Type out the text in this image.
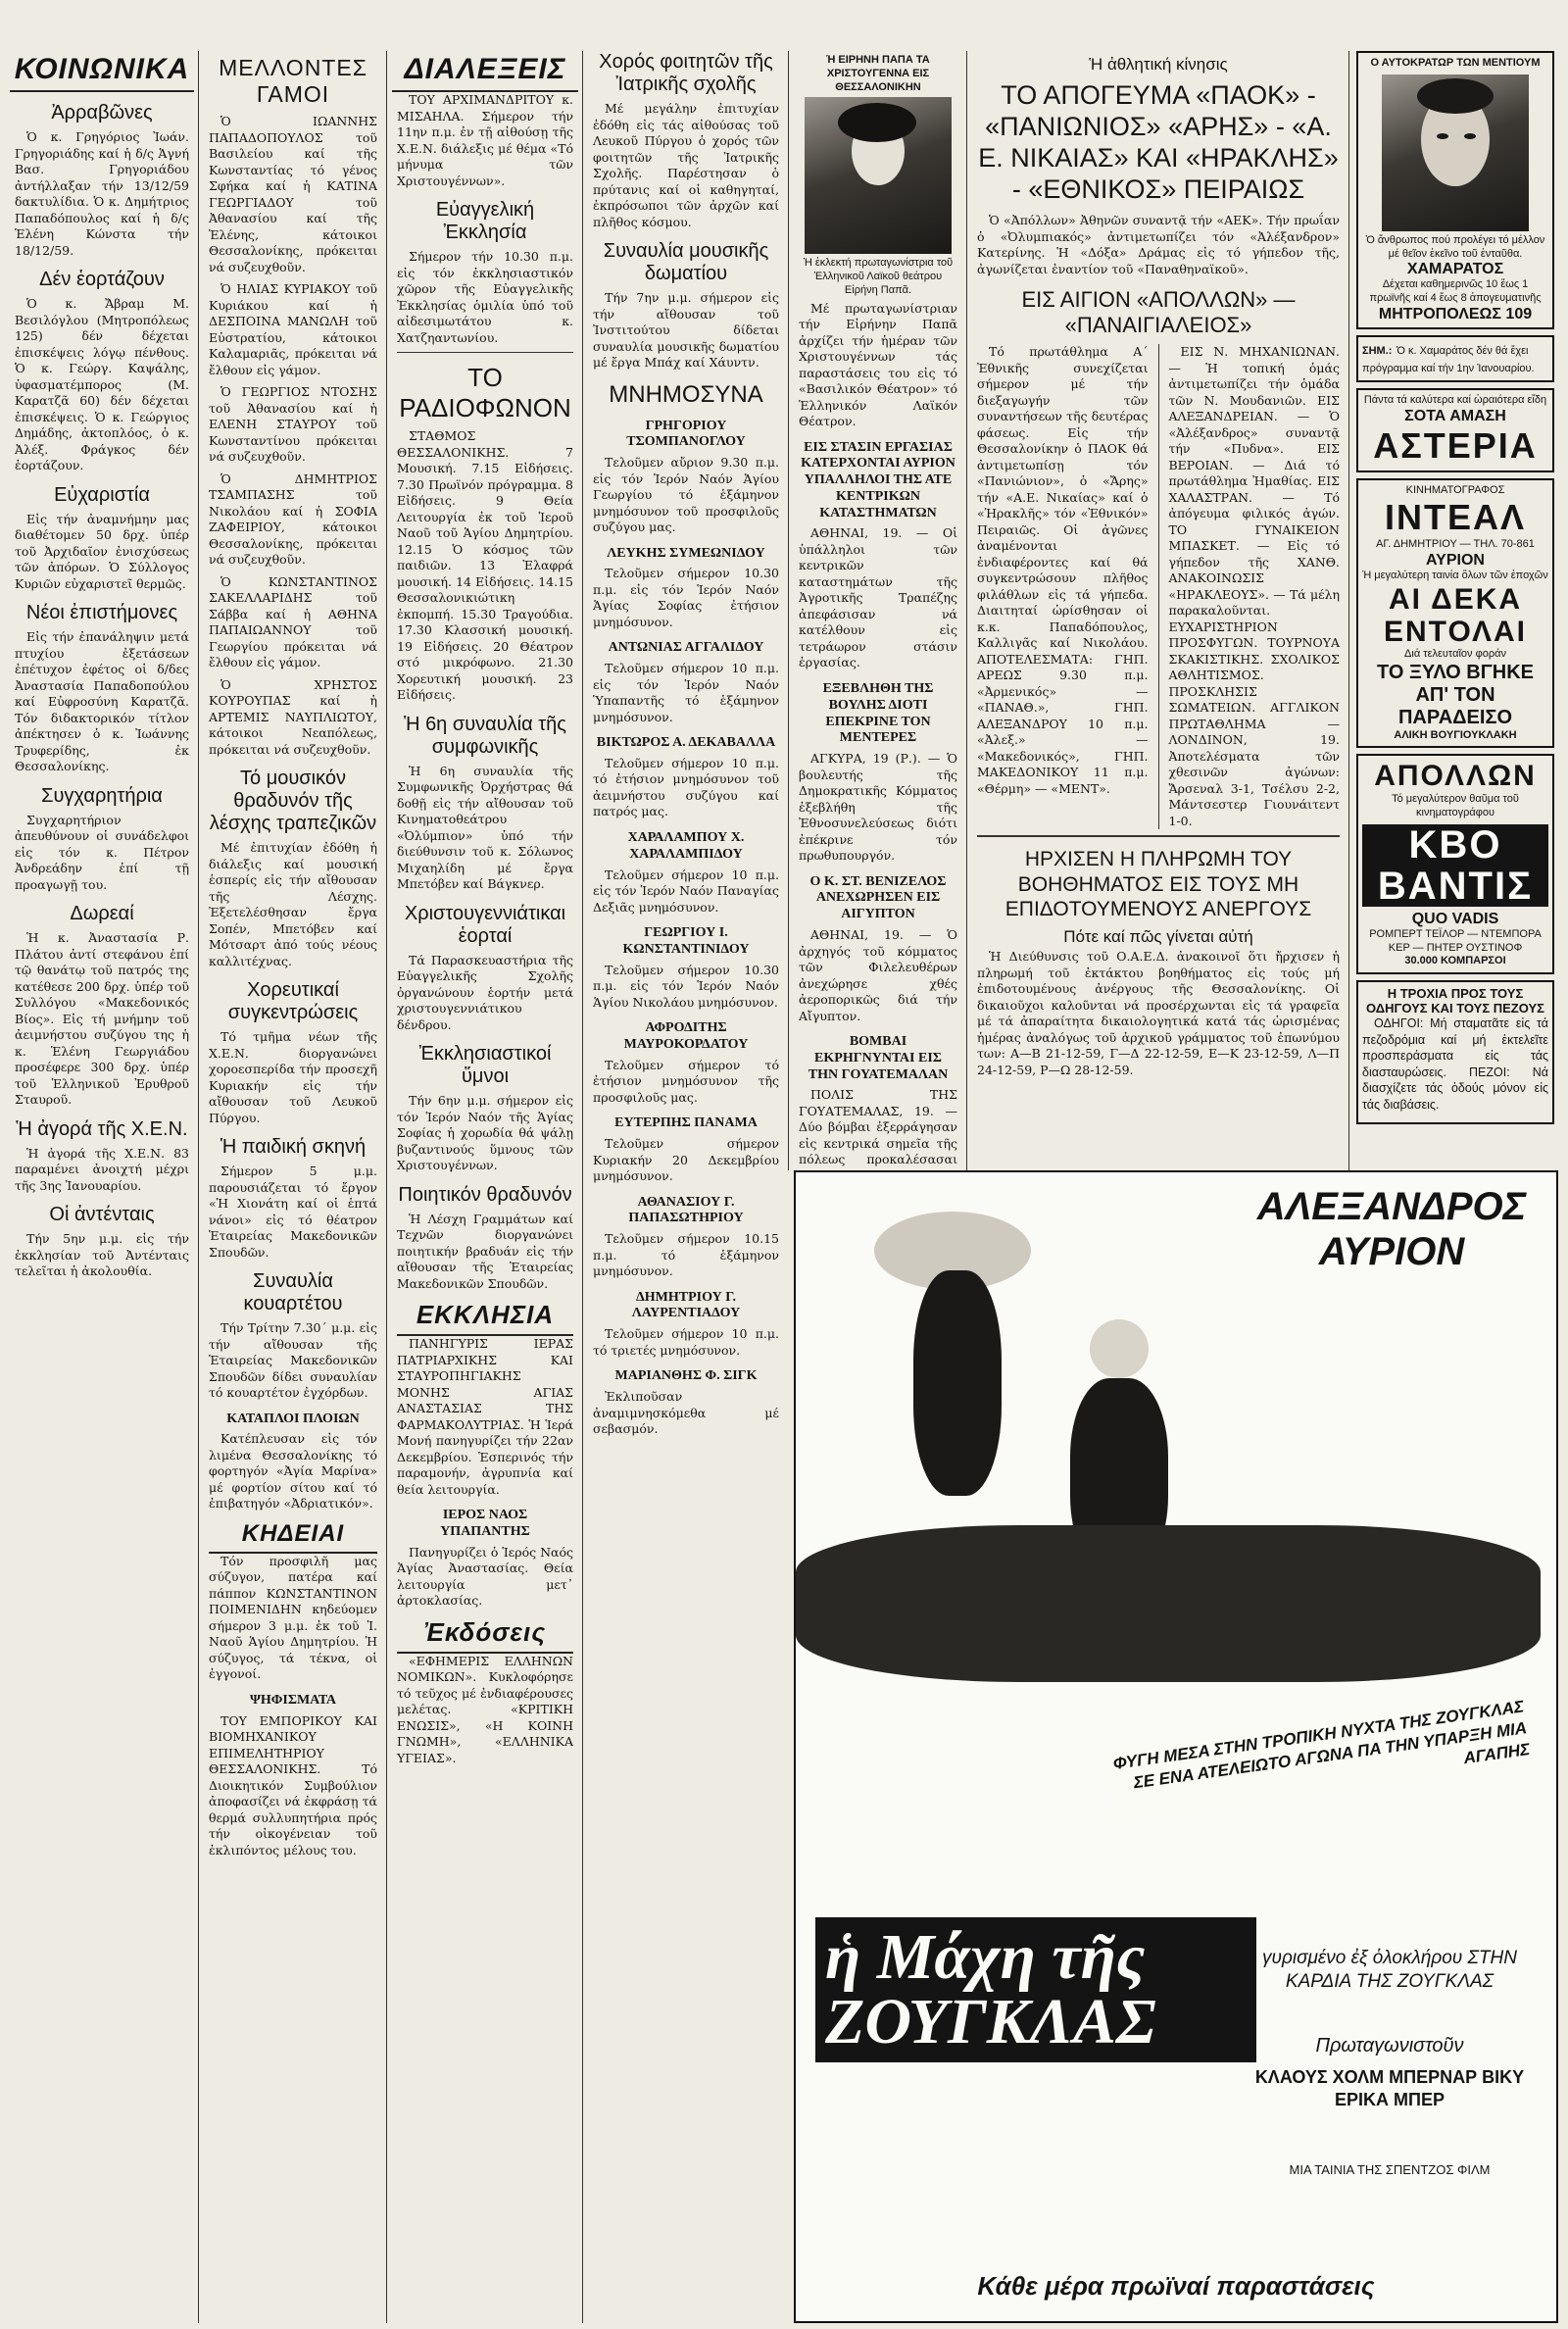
ΚΟΙΝΩΝΙΚΑ
Ἀρραβῶνες

Ὁ κ. Γρηγόριος Ἰωάν. Γρηγοριάδης καί ἡ δ/ς Ἁγνή Βασ. Γρηγοριάδου ἀντήλλαξαν τήν 13/12/59 δακτυλίδια. Ὁ κ. Δημήτριος Παπαδόπουλος καί ἡ δ/ς Ἑλένη Κώνστα τήν 18/12/59.

Δέν ἑορτάζουν

Ὁ κ. Ἄβραμ Μ. Βεσιλόγλου (Μητροπόλεως 125) δέν δέχεται ἐπισκέψεις λόγῳ πένθους. Ὁ κ. Γεώργ. Καψάλης, ὑφασματέμπορος (Μ. Καρατζᾶ 60) δέν δέχεται ἐπισκέψεις. Ὁ κ. Γεώργιος Δημάδης, ἀκτοπλόος, ὁ κ. Ἀλέξ. Φράγκος δέν ἑορτάζουν.

Εὐχαριστία

Εἰς τήν ἀναμνήμην μας διαθέτομεν 50 δρχ. ὑπέρ τοῦ Ἀρχιδαῖον ἐνισχύσεως τῶν ἀπόρων. Ὁ Σύλλογος Κυριῶν εὐχαριστεῖ θερμῶς.

Νέοι ἐπιστήμονες

Εἰς τήν ἐπανάληψιν μετά πτυχίου ἐξετάσεων ἐπέτυχον ἐφέτος οἱ δ/δες Ἀναστασία Παπαδοπούλου καί Εὐφροσύνη Καρατζᾶ. Τόν διδακτορικόν τίτλον ἀπέκτησεν ὁ κ. Ἰωάννης Τρυφερίδης, ἐκ Θεσσαλονίκης.

Συγχαρητήρια

Συγχαρητήριον ἀπευθύνουν οἱ συνάδελφοι εἰς τόν κ. Πέτρον Ἀνδρεάδην ἐπί τῇ προαγωγῇ του.

Δωρεαί

Ἡ κ. Ἀναστασία Ρ. Πλάτου ἀντί στεφάνου ἐπί τῷ θανάτῳ τοῦ πατρός της κατέθεσε 200 δρχ. ὑπέρ τοῦ Συλλόγου «Μακεδονικός Βίος». Εἰς τή μνήμην τοῦ ἀειμνήστου συζύγου της ἡ κ. Ἑλένη Γεωργιάδου προσέφερε 300 δρχ. ὑπέρ τοῦ Ἑλληνικοῦ Ἐρυθροῦ Σταυροῦ.

Ἡ ἀγορά τῆς Χ.Ε.Ν.

Ἡ ἀγορά τῆς Χ.Ε.Ν. 83 παραμένει ἀνοιχτή μέχρι τῆς 3ης Ἰανουαρίου.

Οἱ ἀντένταις

Τήν 5ην μ.μ. εἰς τήν ἐκκλησίαν τοῦ Ἀντένταις τελεῖται ἡ ἀκολουθία.

ΜΕΛΛΟΝΤΕΣ ΓΑΜΟΙ

Ὁ ΙΩΑΝΝΗΣ ΠΑΠΑΔΟΠΟΥΛΟΣ τοῦ Βασιλείου καί τῆς Κωνσταντίας τό γένος Σφήκα καί ἡ ΚΑΤΙΝΑ ΓΕΩΡΓΙΑΔΟΥ τοῦ Ἀθανασίου καί τῆς Ἑλένης, κάτοικοι Θεσσαλονίκης, πρόκειται νά συζευχθοῦν.

Ὁ ΗΛΙΑΣ ΚΥΡΙΑΚΟΥ τοῦ Κυριάκου καί ἡ ΔΕΣΠΟΙΝΑ ΜΑΝΩΛΗ τοῦ Εὐστρατίου, κάτοικοι Καλαμαριᾶς, πρόκειται νά ἔλθουν εἰς γάμον.

Ὁ ΓΕΩΡΓΙΟΣ ΝΤΟΣΗΣ τοῦ Ἀθανασίου καί ἡ ΕΛΕΝΗ ΣΤΑΥΡΟΥ τοῦ Κωνσταντίνου πρόκειται νά συζευχθοῦν.

Ὁ ΔΗΜΗΤΡΙΟΣ ΤΣΑΜΠΑΣΗΣ τοῦ Νικολάου καί ἡ ΣΟΦΙΑ ΖΑΦΕΙΡΙΟΥ, κάτοικοι Θεσσαλονίκης, πρόκειται νά συζευχθοῦν.

Ὁ ΚΩΝΣΤΑΝΤΙΝΟΣ ΣΑΚΕΛΛΑΡΙΔΗΣ τοῦ Σάββα καί ἡ ΑΘΗΝΑ ΠΑΠΑΙΩΑΝΝΟΥ τοῦ Γεωργίου πρόκειται νά ἔλθουν εἰς γάμον.

Ὁ ΧΡΗΣΤΟΣ ΚΟΥΡΟΥΠΑΣ καί ἡ ΑΡΤΕΜΙΣ ΝΑΥΠΛΙΩΤΟΥ, κάτοικοι Νεαπόλεως, πρόκειται νά συζευχθοῦν.

Τό μουσικόν θραδυνόν τῆς λέσχης τραπεζικῶν

Μέ ἐπιτυχίαν ἐδόθη ἡ διάλεξις καί μουσική ἑσπερίς εἰς τήν αἴθουσαν τῆς Λέσχης. Ἐξετελέσθησαν ἔργα Σοπέν, Μπετόβεν καί Μότσαρτ ἀπό τούς νέους καλλιτέχνας.

Χορευτικαί συγκεντρώσεις

Τό τμῆμα νέων τῆς Χ.Ε.Ν. διοργανώνει χοροεσπερίδα τήν προσεχῆ Κυριακήν εἰς τήν αἴθουσαν τοῦ Λευκοῦ Πύργου.

Ἡ παιδική σκηνή

Σήμερον 5 μ.μ. παρουσιάζεται τό ἔργον «Ἡ Χιονάτη καί οἱ ἑπτά νάνοι» εἰς τό θέατρον Ἑταιρείας Μακεδονικῶν Σπουδῶν.

Συναυλία κουαρτέτου

Τήν Τρίτην 7.30΄ μ.μ. εἰς τήν αἴθουσαν τῆς Ἑταιρείας Μακεδονικῶν Σπουδῶν δίδει συναυλίαν τό κουαρτέτον ἐγχόρδων.

ΚΑΤΑΠΛΟΙ ΠΛΟΙΩΝ

Κατέπλευσαν εἰς τόν λιμένα Θεσσαλονίκης τό φορτηγόν «Ἀγία Μαρίνα» μέ φορτίον σίτου καί τό ἐπιβατηγόν «Ἀδριατικόν».

ΚΗΔΕΙΑΙ

Τόν προσφιλῆ μας σύζυγον, πατέρα καί πάππον ΚΩΝΣΤΑΝΤΙΝΟΝ ΠΟΙΜΕΝΙΔΗΝ κηδεύομεν σήμερον 3 μ.μ. ἐκ τοῦ Ἱ. Ναοῦ Ἁγίου Δημητρίου. Ἡ σύζυγος, τά τέκνα, οἱ ἐγγονοί.

ΨΗΦΙΣΜΑΤΑ

ΤΟΥ ΕΜΠΟΡΙΚΟΥ ΚΑΙ ΒΙΟΜΗΧΑΝΙΚΟΥ ΕΠΙΜΕΛΗΤΗΡΙΟΥ ΘΕΣΣΑΛΟΝΙΚΗΣ. Τό Διοικητικόν Συμβούλιον ἀποφασίζει νά ἐκφράσῃ τά θερμά συλλυπητήρια πρός τήν οἰκογένειαν τοῦ ἐκλιπόντος μέλους του.

ΔΙΑΛΕΞΕΙΣ

ΤΟΥ ΑΡΧΙΜΑΝΔΡΙΤΟΥ κ. ΜΙΣΑΗΛΑ. Σήμερον τήν 11ην π.μ. ἐν τῇ αἰθούσῃ τῆς Χ.Ε.Ν. διάλεξις μέ θέμα «Τό μήνυμα τῶν Χριστουγέννων».

Εὐαγγελική Ἐκκλησία

Σήμερον τήν 10.30 π.μ. εἰς τόν ἐκκλησιαστικόν χῶρον τῆς Εὐαγγελικῆς Ἐκκλησίας ὁμιλία ὑπό τοῦ αἰδεσιμωτάτου κ. Χατζηαντωνίου.

ΤΟ ΡΑΔΙΟΦΩΝΟΝ

ΣΤΑΘΜΟΣ ΘΕΣΣΑΛΟΝΙΚΗΣ. 7 Μουσική. 7.15 Εἰδήσεις. 7.30 Πρωϊνόν πρόγραμμα. 8 Εἰδήσεις. 9 Θεία Λειτουργία ἐκ τοῦ Ἱεροῦ Ναοῦ τοῦ Ἁγίου Δημητρίου. 12.15 Ὁ κόσμος τῶν παιδιῶν. 13 Ἐλαφρά μουσική. 14 Εἰδήσεις. 14.15 Θεσσαλονικιώτικη ἐκπομπή. 15.30 Τραγούδια. 17.30 Κλασσική μουσική. 19 Εἰδήσεις. 20 Θέατρον στό μικρόφωνο. 21.30 Χορευτική μουσική. 23 Εἰδήσεις.

Ἡ 6η συναυλία τῆς συμφωνικῆς

Ἡ 6η συναυλία τῆς Συμφωνικῆς Ὀρχήστρας θά δοθῇ εἰς τήν αἴθουσαν τοῦ Κινηματοθεάτρου «Ὀλύμπιον» ὑπό τήν διεύθυνσιν τοῦ κ. Σόλωνος Μιχαηλίδη μέ ἔργα Μπετόβεν καί Βάγκνερ.

Χριστουγεννιάτικαι ἑορταί

Τά Παρασκευαστήρια τῆς Εὐαγγελικῆς Σχολῆς ὀργανώνουν ἑορτήν μετά χριστουγεννιάτικου δένδρου.

Ἐκκλησιαστικοί ὕμνοι

Τήν 6ην μ.μ. σήμερον εἰς τόν Ἱερόν Ναόν τῆς Ἁγίας Σοφίας ἡ χορωδία θά ψάλῃ βυζαντινούς ὕμνους τῶν Χριστουγέννων.

Ποιητικόν θραδυνόν

Ἡ Λέσχη Γραμμάτων καί Τεχνῶν διοργανώνει ποιητικήν βραδυάν εἰς τήν αἴθουσαν τῆς Ἑταιρείας Μακεδονικῶν Σπουδῶν.

ΕΚΚΛΗΣΙΑ

ΠΑΝΗΓΥΡΙΣ ΙΕΡΑΣ ΠΑΤΡΙΑΡΧΙΚΗΣ ΚΑΙ ΣΤΑΥΡΟΠΗΓΙΑΚΗΣ ΜΟΝΗΣ ΑΓΙΑΣ ΑΝΑΣΤΑΣΙΑΣ ΤΗΣ ΦΑΡΜΑΚΟΛΥΤΡΙΑΣ. Ἡ Ἱερά Μονή πανηγυρίζει τήν 22αν Δεκεμβρίου. Ἑσπερινός τήν παραμονήν, ἀγρυπνία καί θεία λειτουργία.

ΙΕΡΟΣ ΝΑΟΣ ΥΠΑΠΑΝΤΗΣ

Πανηγυρίζει ὁ Ἱερός Ναός Ἁγίας Ἀναστασίας. Θεία λειτουργία μετ᾽ ἀρτοκλασίας.

Ἐκδόσεις

«ΕΦΗΜΕΡΙΣ ΕΛΛΗΝΩΝ ΝΟΜΙΚΩΝ». Κυκλοφόρησε τό τεῦχος μέ ἐνδιαφέρουσες μελέτας. «ΚΡΙΤΙΚΗ ΕΝΩΣΙΣ», «Η ΚΟΙΝΗ ΓΝΩΜΗ», «ΕΛΛΗΝΙΚΑ ΥΓΕΙΑΣ».

Χορός φοιτητῶν τῆς Ἰατρικῆς σχολῆς

Μέ μεγάλην ἐπιτυχίαν ἐδόθη εἰς τάς αἰθούσας τοῦ Λευκοῦ Πύργου ὁ χορός τῶν φοιτητῶν τῆς Ἰατρικῆς Σχολῆς. Παρέστησαν ὁ πρύτανις καί οἱ καθηγηταί, ἐκπρόσωποι τῶν ἀρχῶν καί πλῆθος κόσμου.

Συναυλία μουσικῆς δωματίου

Τήν 7ην μ.μ. σήμερον εἰς τήν αἴθουσαν τοῦ Ἰνστιτούτου δίδεται συναυλία μουσικῆς δωματίου μέ ἔργα Μπάχ καί Χάυντν.

ΜΝΗΜΟΣΥΝΑ
ΓΡΗΓΟΡΙΟΥ ΤΣΟΜΠΑΝΟΓΛΟΥ

Τελοῦμεν αὔριον 9.30 π.μ. εἰς τόν Ἱερόν Ναόν Ἁγίου Γεωργίου τό ἑξάμηνον μνημόσυνον τοῦ προσφιλοῦς συζύγου μας.

ΛΕΥΚΗΣ ΣΥΜΕΩΝΙΔΟΥ

Τελοῦμεν σήμερον 10.30 π.μ. εἰς τόν Ἱερόν Ναόν Ἁγίας Σοφίας ἐτήσιον μνημόσυνον.

ΑΝΤΩΝΙΑΣ ΑΓΓΑΛΙΔΟΥ

Τελοῦμεν σήμερον 10 π.μ. εἰς τόν Ἱερόν Ναόν Ὑπαπαντῆς τό ἑξάμηνον μνημόσυνον.

ΒΙΚΤΩΡΟΣ Α. ΔΕΚΑΒΑΛΛΑ

Τελοῦμεν σήμερον 10 π.μ. τό ἐτήσιον μνημόσυνον τοῦ ἀειμνήστου συζύγου καί πατρός μας.

ΧΑΡΑΛΑΜΠΟΥ Χ. ΧΑΡΑΛΑΜΠΙΔΟΥ

Τελοῦμεν σήμερον 10 π.μ. εἰς τόν Ἱερόν Ναόν Παναγίας Δεξιᾶς μνημόσυνον.

ΓΕΩΡΓΙΟΥ Ι. ΚΩΝΣΤΑΝΤΙΝΙΔΟΥ

Τελοῦμεν σήμερον 10.30 π.μ. εἰς τόν Ἱερόν Ναόν Ἁγίου Νικολάου μνημόσυνον.

ΑΦΡΟΔΙΤΗΣ ΜΑΥΡΟΚΟΡΔΑΤΟΥ

Τελοῦμεν σήμερον τό ἐτήσιον μνημόσυνον τῆς προσφιλοῦς μας.

ΕΥΤΕΡΠΗΣ ΠΑΝΑΜΑ

Τελοῦμεν σήμερον Κυριακήν 20 Δεκεμβρίου μνημόσυνον.

ΑΘΑΝΑΣΙΟΥ Γ. ΠΑΠΑΣΩΤΗΡΙΟΥ

Τελοῦμεν σήμερον 10.15 π.μ. τό ἑξάμηνον μνημόσυνον.

ΔΗΜΗΤΡΙΟΥ Γ. ΛΑΥΡΕΝΤΙΑΔΟΥ

Τελοῦμεν σήμερον 10 π.μ. τό τριετές μνημόσυνον.

ΜΑΡΙΑΝΘΗΣ Φ. ΣΙΓΚ

Ἐκλιποῦσαν ἀναμιμνησκόμεθα μέ σεβασμόν.

Ἡ ΕΙΡΗΝΗ ΠΑΠΑ ΤΑ ΧΡΙΣΤΟΥΓΕΝΝΑ ΕΙΣ ΘΕΣΣΑΛΟΝΙΚΗΝ
Ἡ ἐκλεκτή πρωταγωνίστρια τοῦ Ἑλληνικοῦ Λαϊκοῦ θεάτρου Εἰρήνη Παπᾶ.

Μέ πρωταγωνίστριαν τήν Εἰρήνην Παπᾶ ἀρχίζει τήν ἡμέραν τῶν Χριστουγέννων τάς παραστάσεις του εἰς τό «Βασιλικόν Θέατρον» τό Ἑλληνικόν Λαϊκόν Θέατρον.

ΕΙΣ ΣΤΑΣΙΝ ΕΡΓΑΣΙΑΣ ΚΑΤΕΡΧΟΝΤΑΙ ΑΥΡΙΟΝ ΥΠΑΛΛΗΛΟΙ ΤΗΣ ΑΤΕ ΚΕΝΤΡΙΚΩΝ ΚΑΤΑΣΤΗΜΑΤΩΝ

ΑΘΗΝΑΙ, 19. — Οἱ ὑπάλληλοι τῶν κεντρικῶν καταστημάτων τῆς Ἀγροτικῆς Τραπέζης ἀπεφάσισαν νά κατέλθουν εἰς τετράωρον στάσιν ἐργασίας.

ΕΞΕΒΛΗΘΗ ΤΗΣ ΒΟΥΛΗΣ ΔΙΟΤΙ ΕΠΕΚΡΙΝΕ ΤΟΝ ΜΕΝΤΕΡΕΣ

ΑΓΚΥΡΑ, 19 (Ρ.). — Ὁ βουλευτής τῆς Δημοκρατικῆς Κόμματος ἐξεβλήθη τῆς Ἐθνοσυνελεύσεως διότι ἐπέκρινε τόν πρωθυπουργόν.

Ο Κ. ΣΤ. ΒΕΝΙΖΕΛΟΣ ΑΝΕΧΩΡΗΣΕΝ ΕΙΣ ΑΙΓΥΠΤΟΝ

ΑΘΗΝΑΙ, 19. — Ὁ ἀρχηγός τοῦ κόμματος τῶν Φιλελευθέρων ἀνεχώρησε χθές ἀεροπορικῶς διά τήν Αἴγυπτον.

ΒΟΜΒΑΙ ΕΚΡΗΓΝΥΝΤΑΙ ΕΙΣ ΤΗΝ ΓΟΥΑΤΕΜΑΛΑΝ

ΠΟΛΙΣ ΤΗΣ ΓΟΥΑΤΕΜΑΛΑΣ, 19. — Δύο βόμβαι ἐξερράγησαν εἰς κεντρικά σημεῖα τῆς πόλεως προκαλέσασαι

Ἡ ἀθλητική κίνησις
ΤΟ ΑΠΟΓΕΥΜΑ «ΠΑΟΚ» - «ΠΑΝΙΩΝΙΟΣ» «ΑΡΗΣ» - «Α. Ε. ΝΙΚΑΙΑΣ» ΚΑΙ «ΗΡΑΚΛΗΣ» - «ΕΘΝΙΚΟΣ» ΠΕΙΡΑΙΩΣ

Ὁ «Ἀπόλλων» Ἀθηνῶν συναντᾷ τήν «ΑΕΚ». Τήν πρωΐαν ὁ «Ὀλυμπιακός» ἀντιμετωπίζει τόν «Ἀλέξανδρον» Κατερίνης. Ἡ «Δόξα» Δράμας εἰς τό γήπεδον τῆς, ἀγωνίζεται ἐναντίον τοῦ «Παναθηναϊκοῦ».

ΕΙΣ ΑΙΓΙΟΝ «ΑΠΟΛΛΩΝ» — «ΠΑΝΑΙΓΙΑΛΕΙΟΣ»

Τό πρωτάθλημα Α΄ Ἐθνικῆς συνεχίζεται σήμερον μέ τήν διεξαγωγήν τῶν συναντήσεων τῆς δευτέρας φάσεως. Εἰς τήν Θεσσαλονίκην ὁ ΠΑΟΚ θά ἀντιμετωπίσῃ τόν «Πανιώνιον», ὁ «Ἄρης» τήν «Α.Ε. Νικαίας» καί ὁ «Ἡρακλῆς» τόν «Ἐθνικόν» Πειραιῶς. Οἱ ἀγῶνες ἀναμένονται ἐνδιαφέροντες καί θά συγκεντρώσουν πλῆθος φιλάθλων εἰς τά γήπεδα. Διαιτηταί ὡρίσθησαν οἱ κ.κ. Παπαδόπουλος, Καλλιγᾶς καί Νικολάου. ΑΠΟΤΕΛΕΣΜΑΤΑ: ΓΗΠ. ΑΡΕΩΣ 9.30 π.μ. «Ἀρμενικός» — «ΠΑΝΑΘ.», ΓΗΠ. ΑΛΕΞΑΝΔΡΟΥ 10 π.μ. «Ἀλεξ.» — «Μακεδονικός», ΓΗΠ. ΜΑΚΕΔΟΝΙΚΟΥ 11 π.μ. «Θέρμη» — «ΜΕΝΤ».

ΕΙΣ Ν. ΜΗΧΑΝΙΩΝΑΝ. — Ἡ τοπική ὁμάς ἀντιμετωπίζει τήν ὁμάδα τῶν Ν. Μουδανιῶν. ΕΙΣ ΑΛΕΞΑΝΔΡΕΙΑΝ. — Ὁ «Ἀλέξανδρος» συναντᾷ τήν «Πυδνα». ΕΙΣ ΒΕΡΟΙΑΝ. — Διά τό πρωτάθλημα Ἠμαθίας. ΕΙΣ ΧΑΛΑΣΤΡΑΝ. — Τό ἀπόγευμα φιλικός ἀγών. ΤΟ ΓΥΝΑΙΚΕΙΟΝ ΜΠΑΣΚΕΤ. — Εἰς τό γήπεδον τῆς ΧΑΝΘ. ΑΝΑΚΟΙΝΩΣΙΣ «ΗΡΑΚΛΕΟΥΣ». — Τά μέλη παρακαλοῦνται. ΕΥΧΑΡΙΣΤΗΡΙΟΝ ΠΡΟΣΦΥΓΩΝ. ΤΟΥΡΝΟΥΑ ΣΚΑΚΙΣΤΙΚΗΣ. ΣΧΟΛΙΚΟΣ ΑΘΛΗΤΙΣΜΟΣ. ΠΡΟΣΚΛΗΣΙΣ ΣΩΜΑΤΕΙΩΝ. ΑΓΓΛΙΚΟΝ ΠΡΩΤΑΘΛΗΜΑ — ΛΟΝΔΙΝΟΝ, 19. Ἀποτελέσματα τῶν χθεσινῶν ἀγώνων: Ἄρσεναλ 3-1, Τσέλσυ 2-2, Μάντσεστερ Γιουνάιτεντ 1-0.

ΗΡΧΙΣΕΝ Η ΠΛΗΡΩΜΗ ΤΟΥ ΒΟΗΘΗΜΑΤΟΣ ΕΙΣ ΤΟΥΣ ΜΗ ΕΠΙΔΟΤΟΥΜΕΝΟΥΣ ΑΝΕΡΓΟΥΣ
Πότε καί πῶς γίνεται αὐτή

Ἡ Διεύθυνσις τοῦ Ο.Α.Ε.Δ. ἀνακοινοῖ ὅτι ἤρχισεν ἡ πληρωμή τοῦ ἐκτάκτου βοηθήματος εἰς τούς μή ἐπιδοτουμένους ἀνέργους τῆς Θεσσαλονίκης. Οἱ δικαιοῦχοι καλοῦνται νά προσέρχωνται εἰς τά γραφεῖα μέ τά ἀπαραίτητα δικαιολογητικά κατά τάς ὡρισμένας ἡμέρας ἀναλόγως τοῦ ἀρχικοῦ γράμματος τοῦ ἐπωνύμου των: Α—Β 21-12-59, Γ—Δ 22-12-59, Ε—Κ 23-12-59, Λ—Π 24-12-59, Ρ—Ω 28-12-59.

Ο ΑΥΤΟΚΡΑΤΩΡ ΤΩΝ ΜΕΝΤΙΟΥΜ
Ὁ ἄνθρωπος πού προλέγει τό μέλλον μέ θεῖον ἐκεῖνο τοῦ ἐνταῦθα.
ΧΑΜΑΡΑΤΟΣ
Δέχεται καθημερινῶς 10 ἕως 1 πρωϊνῆς καί 4 ἕως 8 ἀπογευματινῆς
ΜΗΤΡΟΠΟΛΕΩΣ 109
ΣΗΜ.: Ὁ κ. Χαμαράτος δέν θά ἔχει πρόγραμμα καί τήν 1ην Ἰανουαρίου.
Πάντα τά καλύτερα καί ὡραιότερα εἴδη
ΣΟΤΑ ΑΜΑΣΗ
ΑΣΤΕΡΙΑ
ΚΙΝΗΜΑΤΟΓΡΑΦΟΣ
ΙΝΤΕΑΛ
ΑΓ. ΔΗΜΗΤΡΙΟΥ — ΤΗΛ. 70-861
ΑΥΡΙΟΝ
Ἡ μεγαλύτερη ταινία ὅλων τῶν ἐποχῶν
ΑΙ ΔΕΚΑ ΕΝΤΟΛΑΙ
Διά τελευταῖον φοράν
ΤΟ ΞΥΛΟ ΒΓΗΚΕ ΑΠ' ΤΟΝ ΠΑΡΑΔΕΙΣΟ
ΑΛΙΚΗ ΒΟΥΓΙΟΥΚΛΑΚΗ
ΑΠΟΛΛΩΝ
Τό μεγαλύτερον θαῦμα τοῦ κινηματογράφου
ΚΒΟ ΒΑΝΤΙΣ
QUO VADIS
ΡΟΜΠΕΡΤ ΤΕΪΛΟΡ — ΝΤΕΜΠΟΡΑ ΚΕΡ — ΠΗΤΕΡ ΟΥΣΤΙΝΟΦ
30.000 ΚΟΜΠΑΡΣΟΙ
Η ΤΡΟΧΙΑ ΠΡΟΣ ΤΟΥΣ ΟΔΗΓΟΥΣ ΚΑΙ ΤΟΥΣ ΠΕΖΟΥΣ

ΟΔΗΓΟΙ: Μή σταματᾶτε εἰς τά πεζοδρόμια καί μή ἐκτελεῖτε προσπεράσματα εἰς τάς διασταυρώσεις. ΠΕΖΟΙ: Νά διασχίζετε τάς ὁδούς μόνον εἰς τάς διαβάσεις.

ΑΛΕΞΑΝΔΡΟΣ ΑΥΡΙΟΝ
ΦΥΓΗ ΜΕΣΑ ΣΤΗΝ ΤΡΟΠΙΚΗ ΝΥΧΤΑ ΤΗΣ ΖΟΥΓΚΛΑΣ ΣΕ ΕΝΑ ΑΤΕΛΕΙΩΤΟ ΑΓΩΝΑ ΠΑ ΤΗΝ ΥΠΑΡΞΗ ΜΙΑ ΑΓΑΠΗΣ
ἡ Μάχη τῆς ΖΟΥΓΚΛΑΣ
γυρισμένο ἐξ ὁλοκλήρου ΣΤΗΝ ΚΑΡΔΙΑ ΤΗΣ ΖΟΥΓΚΛΑΣ
Πρωταγωνιστοῦν
ΚΛΑΟΥΣ ΧΟΛΜ ΜΠΕΡΝΑΡ ΒΙΚΥ ΕΡΙΚΑ ΜΠΕΡ
ΜΙΑ ΤΑΙΝΙΑ ΤΗΣ ΣΠΕΝΤΖΟΣ ΦΙΛΜ
Κάθε μέρα πρωϊναί παραστάσεις
